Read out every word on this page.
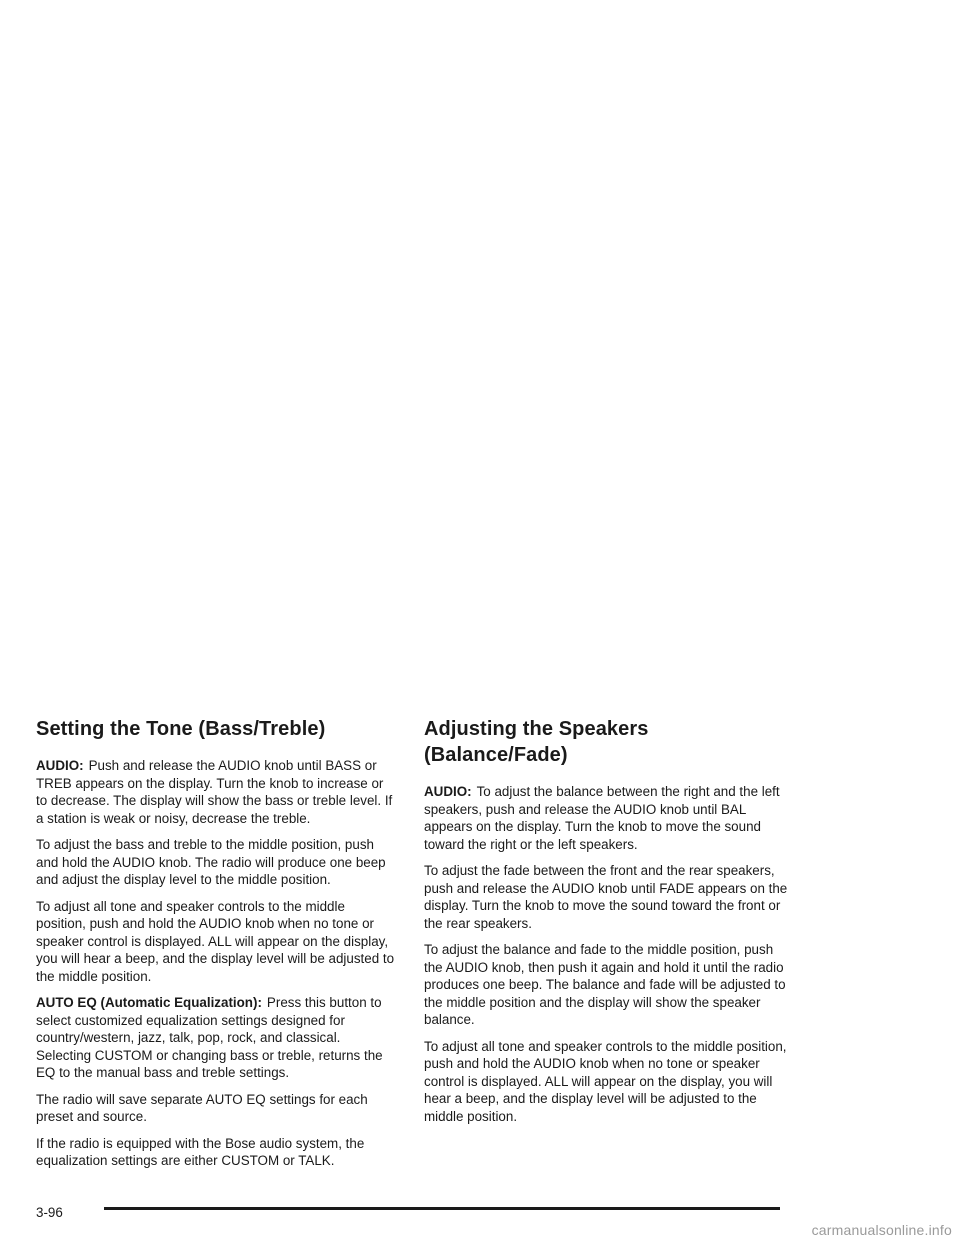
Setting the Tone (Bass/Treble)

AUDIO: Push and release the AUDIO knob until BASS or TREB appears on the display. Turn the knob to increase or to decrease. The display will show the bass or treble level. If a station is weak or noisy, decrease the treble.

To adjust the bass and treble to the middle position, push and hold the AUDIO knob. The radio will produce one beep and adjust the display level to the middle position.

To adjust all tone and speaker controls to the middle position, push and hold the AUDIO knob when no tone or speaker control is displayed. ALL will appear on the display, you will hear a beep, and the display level will be adjusted to the middle position.

AUTO EQ (Automatic Equalization): Press this button to select customized equalization settings designed for country/western, jazz, talk, pop, rock, and classical. Selecting CUSTOM or changing bass or treble, returns the EQ to the manual bass and treble settings.

The radio will save separate AUTO EQ settings for each preset and source.

If the radio is equipped with the Bose audio system, the equalization settings are either CUSTOM or TALK.

Adjusting the Speakers (Balance/Fade)

AUDIO: To adjust the balance between the right and the left speakers, push and release the AUDIO knob until BAL appears on the display. Turn the knob to move the sound toward the right or the left speakers.

To adjust the fade between the front and the rear speakers, push and release the AUDIO knob until FADE appears on the display. Turn the knob to move the sound toward the front or the rear speakers.

To adjust the balance and fade to the middle position, push the AUDIO knob, then push it again and hold it until the radio produces one beep. The balance and fade will be adjusted to the middle position and the display will show the speaker balance.

To adjust all tone and speaker controls to the middle position, push and hold the AUDIO knob when no tone or speaker control is displayed. ALL will appear on the display, you will hear a beep, and the display level will be adjusted to the middle position.

3-96
carmanualsonline.info
